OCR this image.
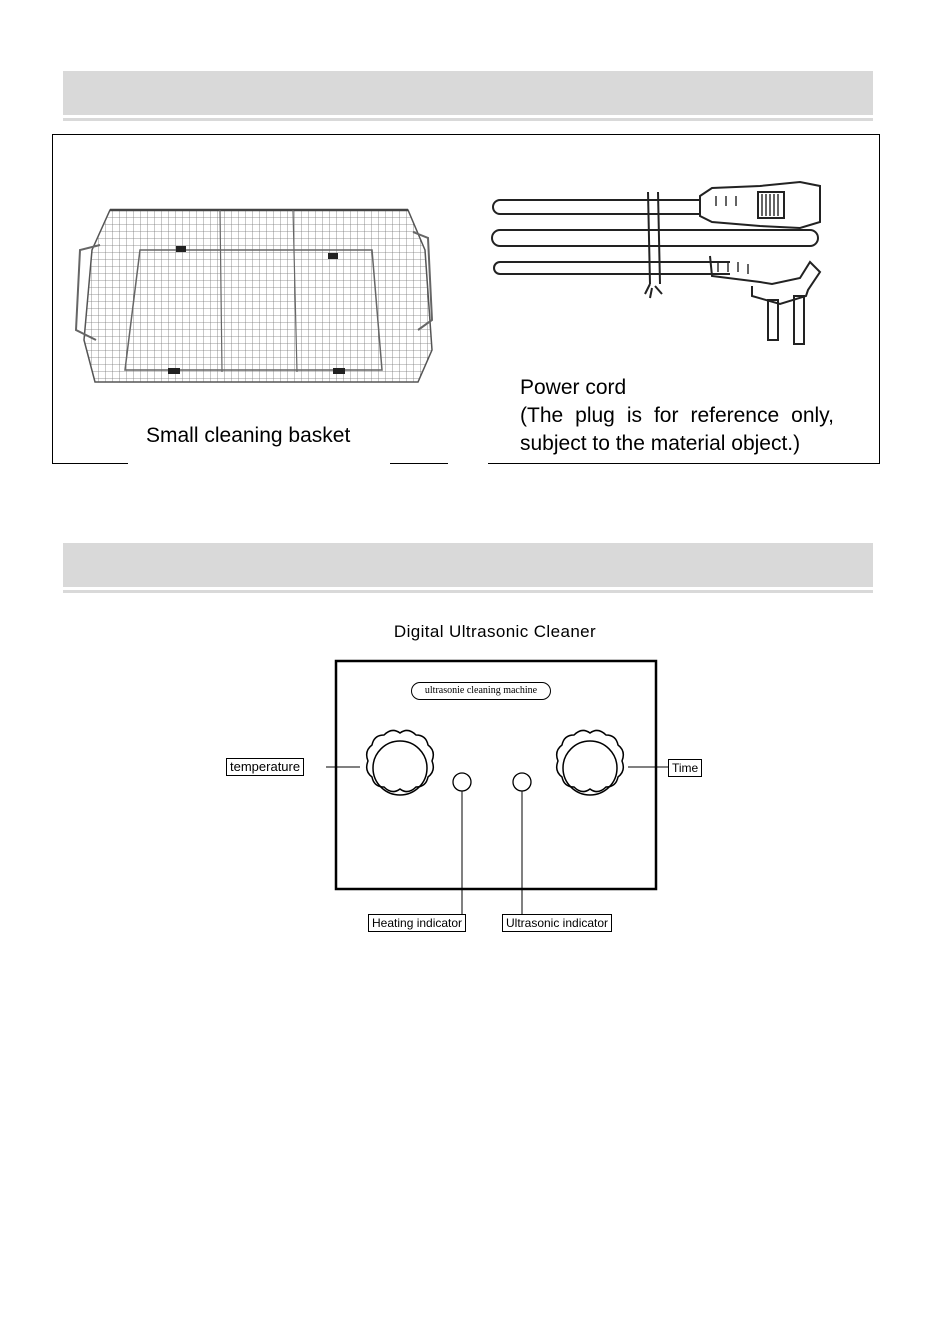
Small cleaning basket
Power cord
(The plug is for reference only,
subject to the material object.)
Digital Ultrasonic Cleaner
ultrasonie cleaning machine
temperature	Time
Heating indicator	Ultrasonic indicator
